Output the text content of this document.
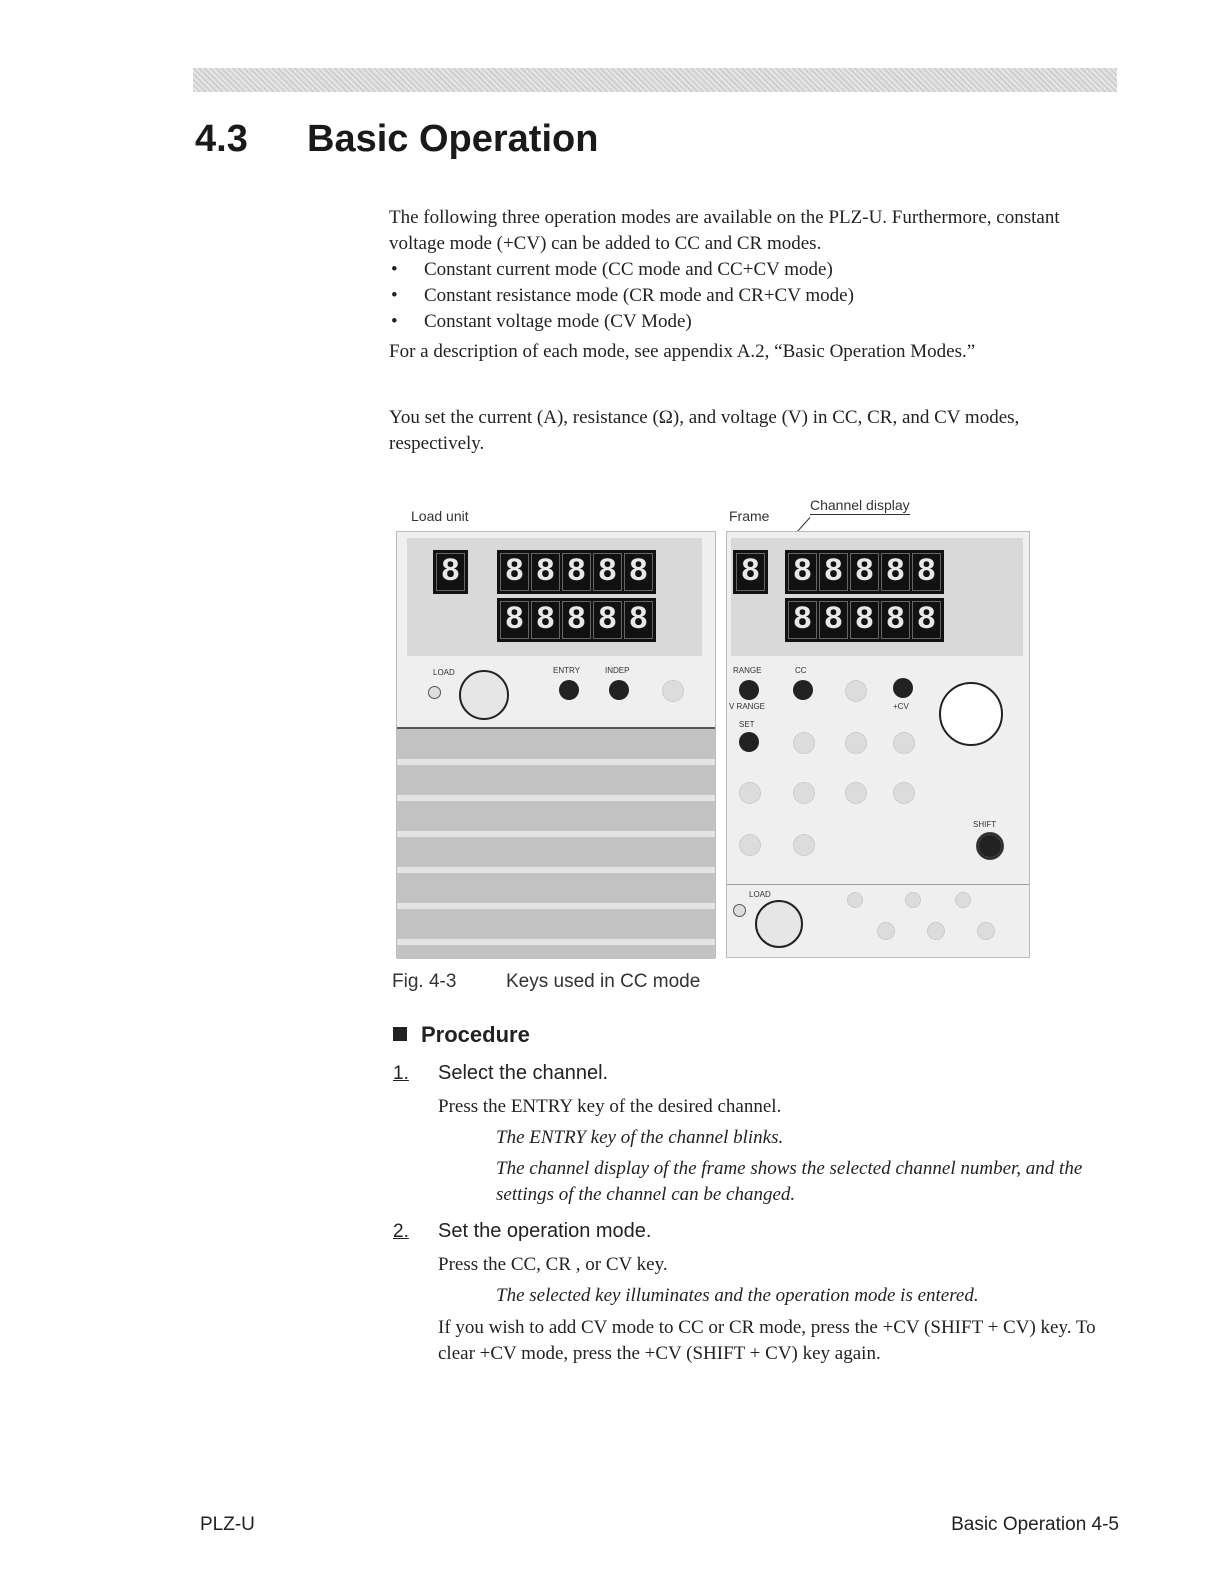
4.3 Basic Operation

The following three operation modes are available on the PLZ-U. Furthermore, constant voltage mode (+CV) can be added to CC and CR modes.

• Constant current mode (CC mode and CC+CV mode)
• Constant resistance mode (CR mode and CR+CV mode)
• Constant voltage mode (CV Mode)

For a description of each mode, see appendix A.2, “Basic Operation Modes.”

You set the current (A), resistance (Ω), and voltage (V) in CC, CR, and CV modes, respectively.
Load unit	Frame
Channel display
8 8 8 8 8 8
8 8 8 8 8
LOAD	ENTRY	INDEP
8 8 8 8 8 8
8 8 8 8 8
RANGE	CC
V RANGE	+CV
SET
SHIFT
LOAD
Fig. 4-3	Keys used in CC mode
Procedure
1. Select the channel.
Press the ENTRY key of the desired channel.
The ENTRY key of the channel blinks.
The channel display of the frame shows the selected channel number, and the settings of the channel can be changed.
2. Set the operation mode.
Press the CC, CR , or CV key.
The selected key illuminates and the operation mode is entered.
If you wish to add CV mode to CC or CR mode, press the +CV (SHIFT + CV) key. To clear +CV mode, press the +CV (SHIFT + CV) key again.
PLZ-U	Basic Operation 4-5
